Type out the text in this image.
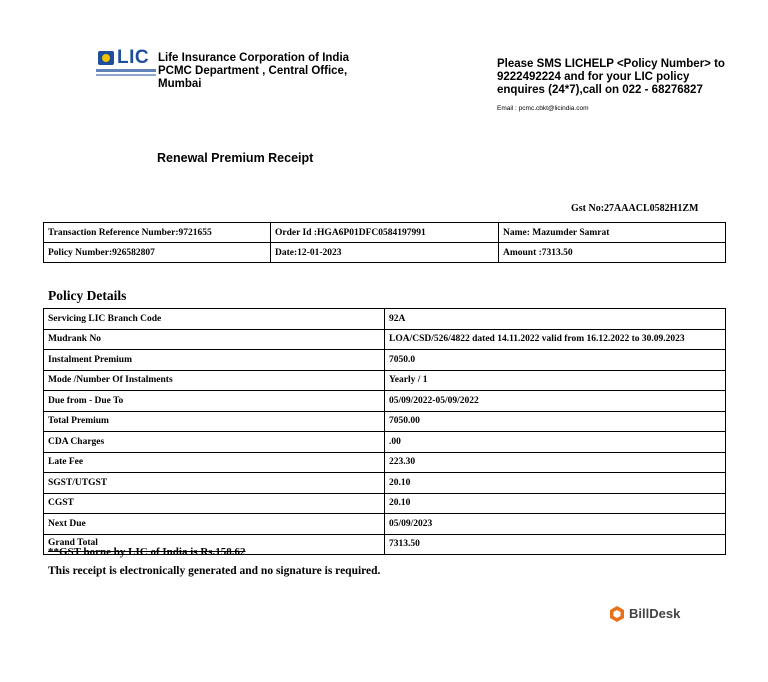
LIC Life Insurance Corporation of India
PCMC Department , Central Office,
Mumbai
Please SMS LICHELP <Policy Number> to
9222492224 and for your LIC policy
enquires (24*7),call on 022 - 68276827
Email : pcmc.cbkt@licindia.com
Renewal Premium Receipt
Gst No:27AAACL0582H1ZM
Transaction Reference Number:9721655	Order Id :HGA6P01DFC0584197991	Name: Mazumder Samrat
Policy Number:926582807	Date:12-01-2023	Amount :7313.50
Policy Details
Servicing LIC Branch Code	92A
Mudrank No	LOA/CSD/526/4822 dated 14.11.2022 valid from 16.12.2022 to 30.09.2023
Instalment Premium	7050.0
Mode /Number Of Instalments	Yearly / 1
Due from - Due To	05/09/2022-05/09/2022
Total Premium	7050.00
CDA Charges	.00
Late Fee	223.30
SGST/UTGST	20.10
CGST	20.10
Next Due	05/09/2023
Grand Total	7313.50
**GST borne by LIC of India is Rs.158.62
This receipt is electronically generated and no signature is required.
BillDesk
